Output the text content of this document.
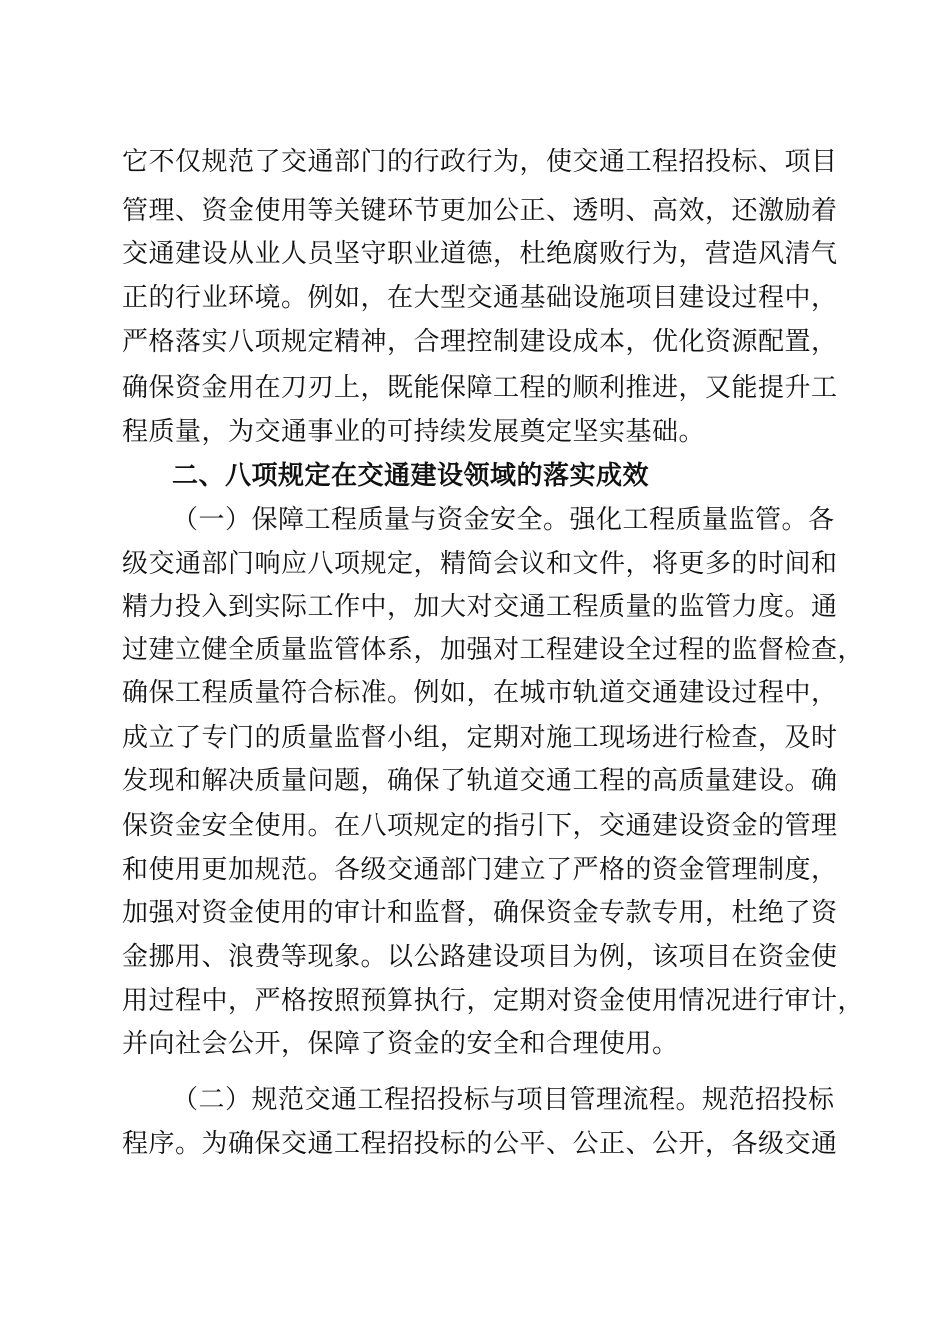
它不仅规范了交通部门的行政行为，使交通工程招投标、项目
管理、资金使用等关键环节更加公正、透明、高效，还激励着
交通建设从业人员坚守职业道德，杜绝腐败行为，营造风清气
正的行业环境。例如，在大型交通基础设施项目建设过程中，
严格落实八项规定精神，合理控制建设成本，优化资源配置，
确保资金用在刀刃上，既能保障工程的顺利推进，又能提升工
程质量，为交通事业的可持续发展奠定坚实基础。
二、八项规定在交通建设领域的落实成效
（一）保障工程质量与资金安全。强化工程质量监管。各
级交通部门响应八项规定，精简会议和文件，将更多的时间和
精力投入到实际工作中，加大对交通工程质量的监管力度。通
过建立健全质量监管体系，加强对工程建设全过程的监督检查，
确保工程质量符合标准。例如，在城市轨道交通建设过程中，
成立了专门的质量监督小组，定期对施工现场进行检查，及时
发现和解决质量问题，确保了轨道交通工程的高质量建设。确
保资金安全使用。在八项规定的指引下，交通建设资金的管理
和使用更加规范。各级交通部门建立了严格的资金管理制度，
加强对资金使用的审计和监督，确保资金专款专用，杜绝了资
金挪用、浪费等现象。以公路建设项目为例，该项目在资金使
用过程中，严格按照预算执行，定期对资金使用情况进行审计，
并向社会公开，保障了资金的安全和合理使用。
（二）规范交通工程招投标与项目管理流程。规范招投标
程序。为确保交通工程招投标的公平、公正、公开，各级交通
